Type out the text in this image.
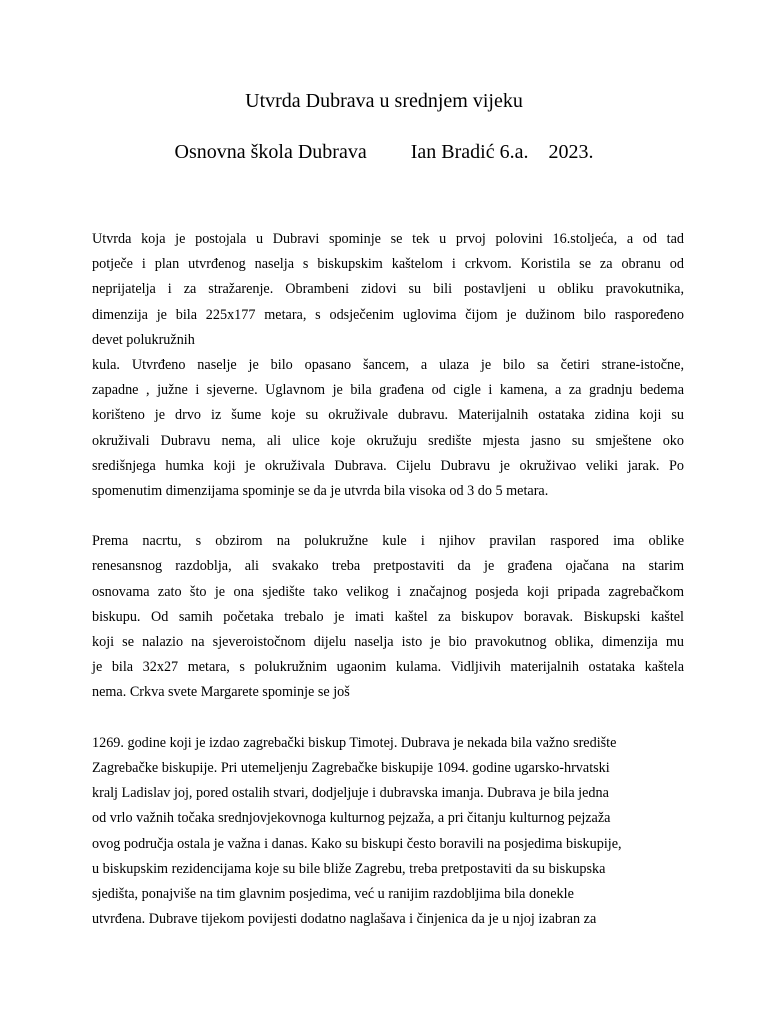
Utvrda Dubrava u srednjem vijeku
Osnovna škola Dubrava Ian Bradić 6.a. 2023.
Utvrda koja je postojala u Dubravi spominje se tek u prvoj polovini 16.stoljeća, a od tad
potječe i plan utvrđenog naselja s biskupskim kaštelom i crkvom. Koristila se za obranu od
neprijatelja i za stražarenje. Obrambeni zidovi su bili postavljeni u obliku pravokutnika,
dimenzija je bila 225x177 metara, s odsječenim uglovima čijom je dužinom bilo raspoređeno
devet polukružnih
kula. Utvrđeno naselje je bilo opasano šancem, a ulaza je bilo sa četiri strane-istočne,
zapadne , južne i sjeverne. Uglavnom je bila građena od cigle i kamena, a za gradnju bedema
korišteno je drvo iz šume koje su okruživale dubravu. Materijalnih ostataka zidina koji su
okruživali Dubravu nema, ali ulice koje okružuju središte mjesta jasno su smještene oko
središnjega humka koji je okruživala Dubrava. Cijelu Dubravu je okruživao veliki jarak. Po
spomenutim dimenzijama spominje se da je utvrda bila visoka od 3 do 5 metara.
Prema nacrtu, s obzirom na polukružne kule i njihov pravilan raspored ima oblike
renesansnog razdoblja, ali svakako treba pretpostaviti da je građena ojačana na starim
osnovama zato što je ona sjedište tako velikog i značajnog posjeda koji pripada zagrebačkom
biskupu. Od samih početaka trebalo je imati kaštel za biskupov boravak. Biskupski kaštel
koji se nalazio na sjeveroistočnom dijelu naselja isto je bio pravokutnog oblika, dimenzija mu
je bila 32x27 metara, s polukružnim ugaonim kulama. Vidljivih materijalnih ostataka kaštela
nema. Crkva svete Margarete spominje se još
1269. godine koji je izdao zagrebački biskup Timotej. Dubrava je nekada bila važno središte
Zagrebačke biskupije. Pri utemeljenju Zagrebačke biskupije 1094. godine ugarsko-hrvatski
kralj Ladislav joj, pored ostalih stvari, dodjeljuje i dubravska imanja. Dubrava je bila jedna
od vrlo važnih točaka srednjovjekovnoga kulturnog pejzaža, a pri čitanju kulturnog pejzaža
ovog područja ostala je važna i danas. Kako su biskupi često boravili na posjedima biskupije,
u biskupskim rezidencijama koje su bile bliže Zagrebu, treba pretpostaviti da su biskupska
sjedišta, ponajviše na tim glavnim posjedima, već u ranijim razdobljima bila donekle
utvrđena. Dubrave tijekom povijesti dodatno naglašava i činjenica da je u njoj izabran za
